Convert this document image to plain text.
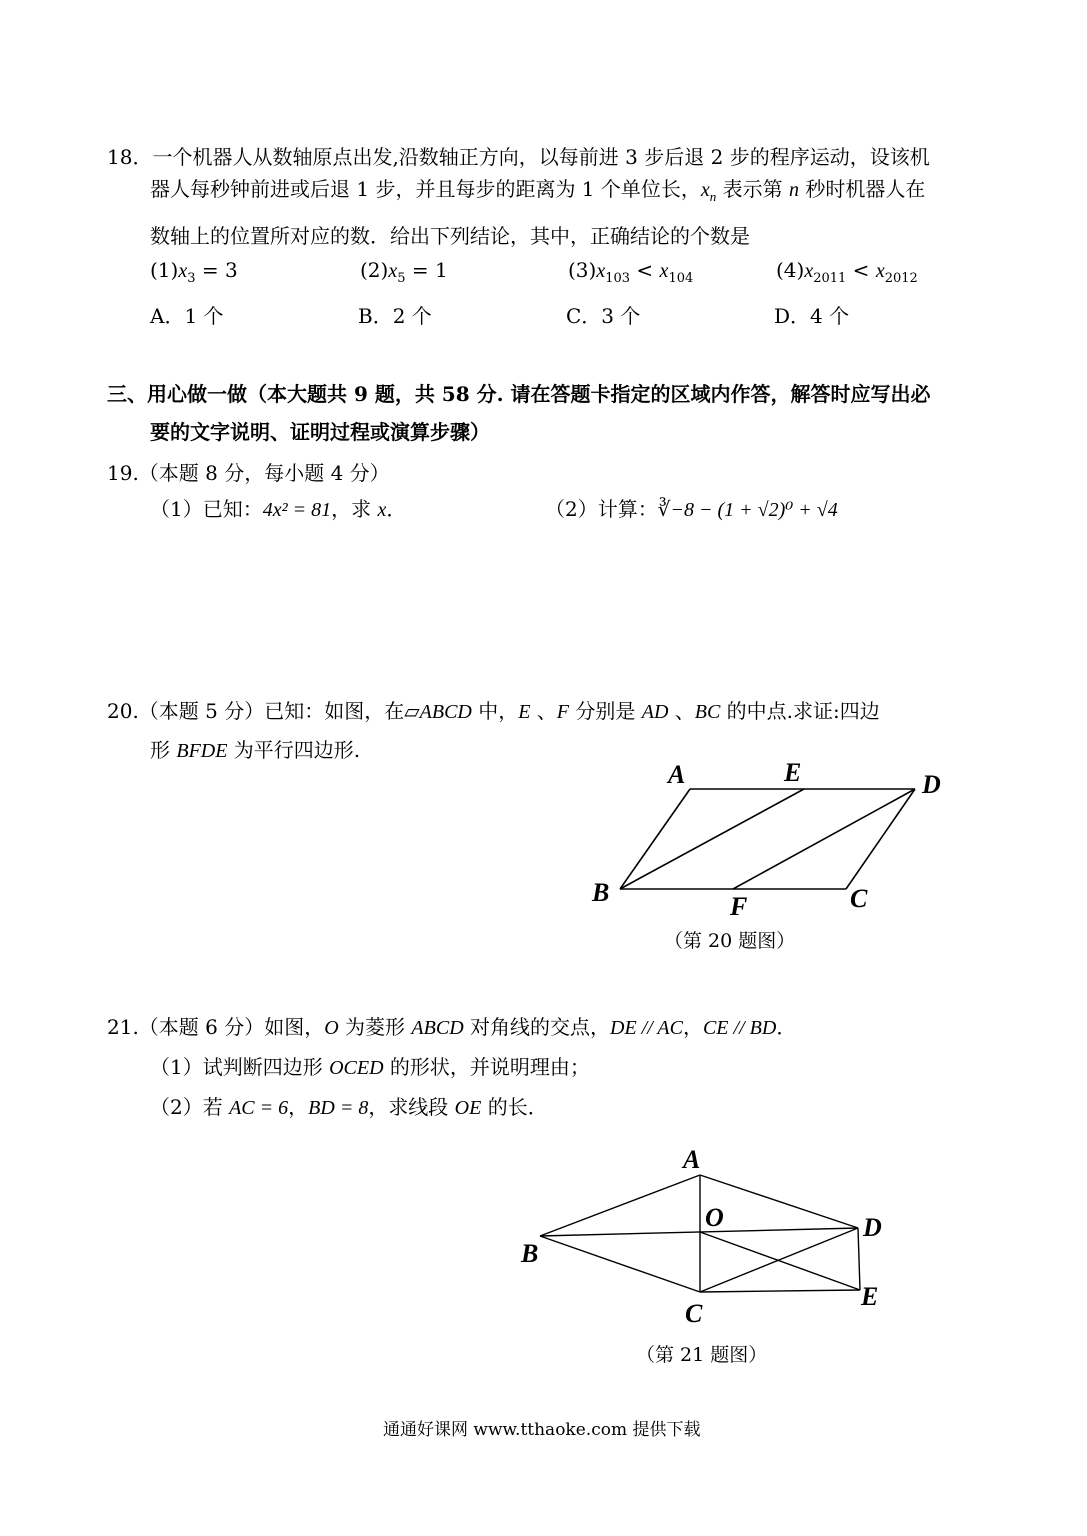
18．一个机器人从数轴原点出发,沿数轴正方向，以每前进 3 步后退 2 步的程序运动，设该机
器人每秒钟前进或后退 1 步，并且每步的距离为 1 个单位长，$x_n$ 表示第 n 秒时机器人在
数轴上的位置所对应的数．给出下列结论，其中，正确结论的个数是
$(1)x_3 = 3$	$(2)x_5 = 1$	$(3)x_{103} < x_{104}$	$(4)x_{2011} < x_{2012}$
A．1 个	B．2 个	C．3 个	D．4 个
三、用心做一做（本大题共 9 题，共 58 分. 请在答题卡指定的区域内作答，解答时应写出必
要的文字说明、证明过程或演算步骤）
19.（本题 8 分，每小题 4 分）
（1）已知：4x² = 81，求 x．	（2）计算：∛−8 − (1 + √2)⁰ + √4
20.（本题 5 分）已知：如图，在▱ABCD 中，E 、F 分别是 AD 、BC 的中点.求证:四边
形 BFDE 为平行四边形.
A	E	D
B	F	C
（第 20 题图）
21.（本题 6 分）如图，O 为菱形 ABCD 对角线的交点，DE // AC，CE // BD．
（1）试判断四边形 OCED 的形状，并说明理由；
（2）若 AC = 6，BD = 8，求线段 OE 的长．
A
O	D
B
C
E
（第 21 题图）
通通好课网 www.tthaoke.com 提供下载
